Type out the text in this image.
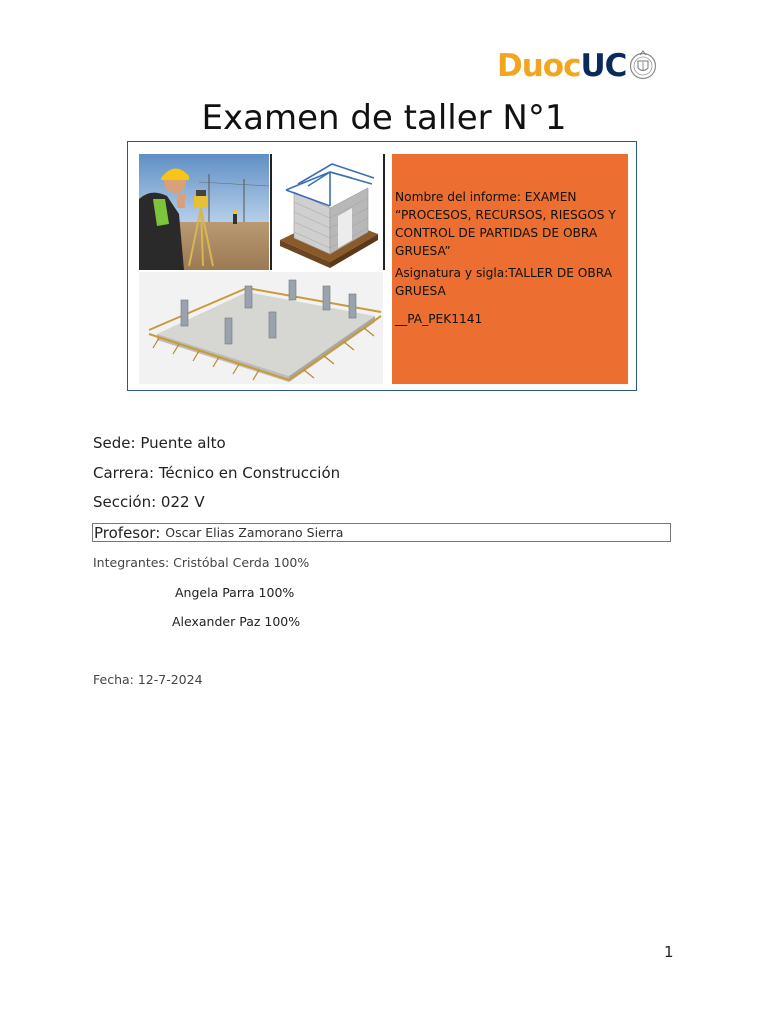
Duoc UC
Examen de taller N°1

Nombre del informe: EXAMEN “PROCESOS, RECURSOS, RIESGOS Y CONTROL DE PARTIDAS DE OBRA GRUESA”

Asignatura y sigla:TALLER DE OBRA GRUESA

__PA_PEK1141

Sede: Puente alto
Carrera: Técnico en Construcción
Sección: 022 V
Profesor: Oscar Elias Zamorano Sierra
Integrantes: Cristóbal Cerda 100%
Angela Parra 100%
Alexander Paz 100%
Fecha: 12-7-2024
1
